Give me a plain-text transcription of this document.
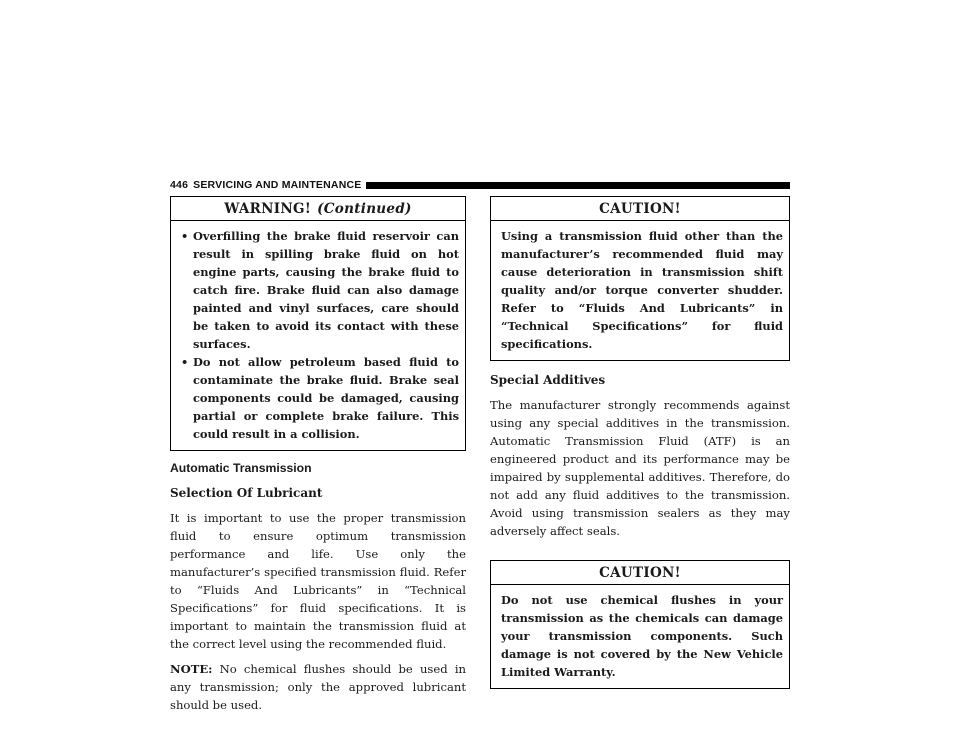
446 SERVICING AND MAINTENANCE
WARNING! (Continued)
• Overfilling the brake fluid reservoir can result in spilling brake fluid on hot engine parts, causing the brake fluid to catch fire. Brake fluid can also damage painted and vinyl surfaces, care should be taken to avoid its contact with these surfaces.
• Do not allow petroleum based fluid to contaminate the brake fluid. Brake seal components could be damaged, causing partial or complete brake failure. This could result in a collision.
Automatic Transmission
Selection Of Lubricant

It is important to use the proper transmission fluid to ensure optimum transmission performance and life. Use only the manufacturer’s specified transmission fluid. Refer to “Fluids And Lubricants” in “Technical Specifications” for fluid specifications. It is important to maintain the transmission fluid at the correct level using the recommended fluid.

NOTE: No chemical flushes should be used in any transmission; only the approved lubricant should be used.

CAUTION!

Using a transmission fluid other than the manufacturer’s recommended fluid may cause deterioration in transmission shift quality and/or torque converter shudder. Refer to “Fluids And Lubricants” in “Technical Specifications” for fluid specifications.

Special Additives

The manufacturer strongly recommends against using any special additives in the transmission. Automatic Transmission Fluid (ATF) is an engineered product and its performance may be impaired by supplemental additives. Therefore, do not add any fluid additives to the transmission. Avoid using transmission sealers as they may adversely affect seals.

CAUTION!

Do not use chemical flushes in your transmission as the chemicals can damage your transmission components. Such damage is not covered by the New Vehicle Limited Warranty.
